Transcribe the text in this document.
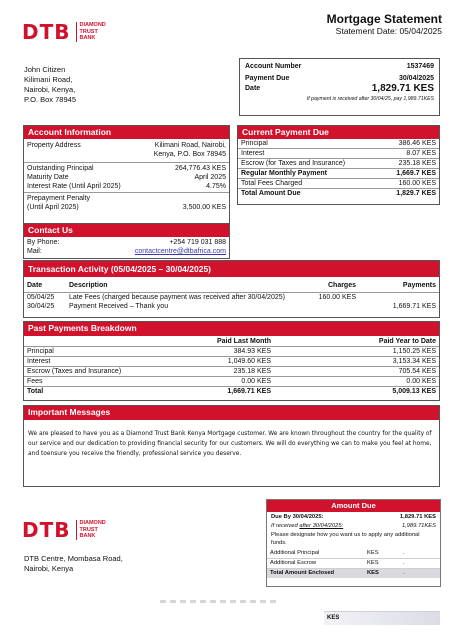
DTB DIAMOND
TRUST
BANK
Mortgage Statement
Statement Date: 05/04/2025
John Citizen
Kilimani Road,
Nairobi, Kenya,
P.O. Box 78945
Account Number	1537469
Payment Due	30/04/2025
Date	1,829.71 KES
If payment is received after 30/04/25, pay 1,989.71KES
Account Information
Property Address	Kilimani Road, Nairobi,
Kenya, P.O. Box 78945
Outstanding Principal	264,776.43 KES
Maturity Date	April 2025
Interest Rate (Until April 2025)	4.75%
Prepayment Penalty
(Until April 2025)	3,500.00 KES
Contact Us
By Phone:	+254 719 031 888
Mail:	contactcentre@dtbafrica.com
Current Payment Due
Principal	386.46 KES
Interest	8.07 KES
Escrow (for Taxes and Insurance)	235.18 KES
Regular Monthly Payment	1,669.7 KES
Total Fees Charged	160.00 KES
Total Amount Due	1,829.7 KES
Transaction Activity (05/04/2025 – 30/04/2025)
Date	Description	Charges	Payments
05/04/25	Late Fees (charged because payment was received after 30/04/2025)	160.00 KES	
30/04/25	Payment Received – Thank you		1,669.71 KES
Past Payments Breakdown
	Paid Last Month	Paid Year to Date
Principal	384.93 KES	1,150.25 KES
Interest	1,049.60 KES	3,153.34 KES
Escrow (Taxes and Insurance)	235.18 KES	705.54 KES
Fees	0.00 KES	0.00 KES
Total	1,669.71 KES	5,009.13 KES
Important Messages
We are pleased to have you as a Diamond Trust Bank Kenya Mortgage customer. We are known throughout the country for the quality of our service and our dedication to providing financial security for our customers. We will do everything we can to make you feel at home, and toensure you receive the friendly, professional service you deserve.
DTB DIAMOND
TRUST
BANK
DTB Centre, Mombasa Road,
Nairobi, Kenya
Amount Due
Due By 30/04/2025:	1,829.71 KES
If received after 30/04/2025:	1,989.71KES
Please designate how you want us to apply any additional funds.
Additional Principal	KES	.
Additional Escrow	KES	.
Total Amount Enclosed	KES	.
KES
